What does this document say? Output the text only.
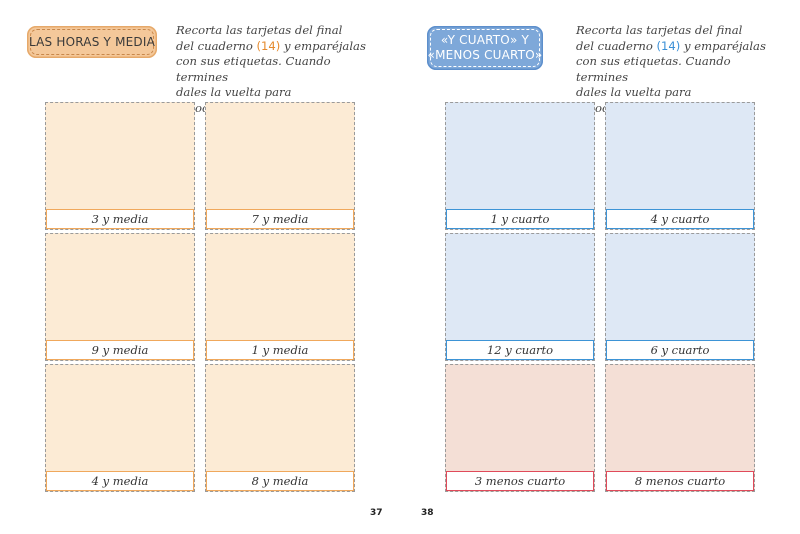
LAS HORAS Y MEDIA
Recorta las tarjetas del final
del cuaderno (14) y emparéjalas
con sus etiquetas. Cuando termines
dales la vuelta para
3 y media	7 y media
9 y media	1 y media
4 y media	8 y media
37
«Y CUARTO» Y
«MENOS CUARTO»
Recorta las tarjetas del final
del cuaderno (14) y emparéjalas
con sus etiquetas. Cuando termines
dales la vuelta para
1 y cuarto	4 y cuarto
12 y cuarto	6 y cuarto
3 menos cuarto	8 menos cuarto
38
